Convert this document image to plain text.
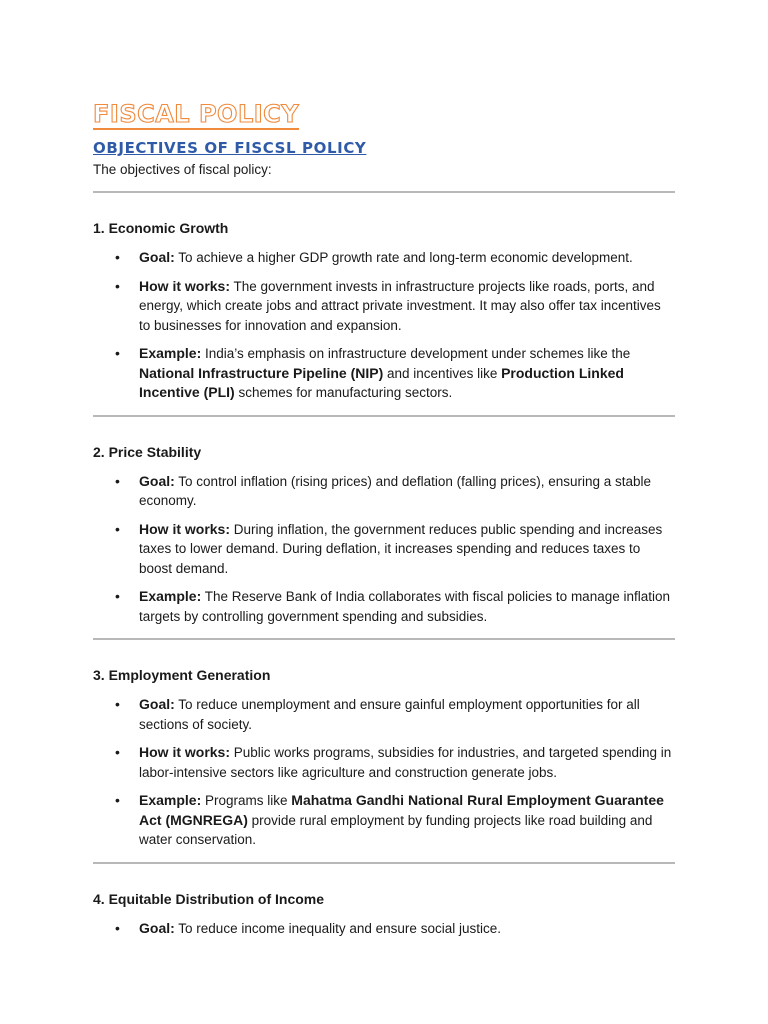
FISCAL POLICY
OBJECTIVES OF FISCSL POLICY
The objectives of fiscal policy:
1. Economic Growth
• Goal: To achieve a higher GDP growth rate and long-term economic development.
• How it works: The government invests in infrastructure projects like roads, ports, and energy, which create jobs and attract private investment. It may also offer tax incentives to businesses for innovation and expansion.
• Example: India’s emphasis on infrastructure development under schemes like the National Infrastructure Pipeline (NIP) and incentives like Production Linked Incentive (PLI) schemes for manufacturing sectors.
2. Price Stability
• Goal: To control inflation (rising prices) and deflation (falling prices), ensuring a stable economy.
• How it works: During inflation, the government reduces public spending and increases taxes to lower demand. During deflation, it increases spending and reduces taxes to boost demand.
• Example: The Reserve Bank of India collaborates with fiscal policies to manage inflation targets by controlling government spending and subsidies.
3. Employment Generation
• Goal: To reduce unemployment and ensure gainful employment opportunities for all sections of society.
• How it works: Public works programs, subsidies for industries, and targeted spending in labor-intensive sectors like agriculture and construction generate jobs.
• Example: Programs like Mahatma Gandhi National Rural Employment Guarantee Act (MGNREGA) provide rural employment by funding projects like road building and water conservation.
4. Equitable Distribution of Income
• Goal: To reduce income inequality and ensure social justice.
